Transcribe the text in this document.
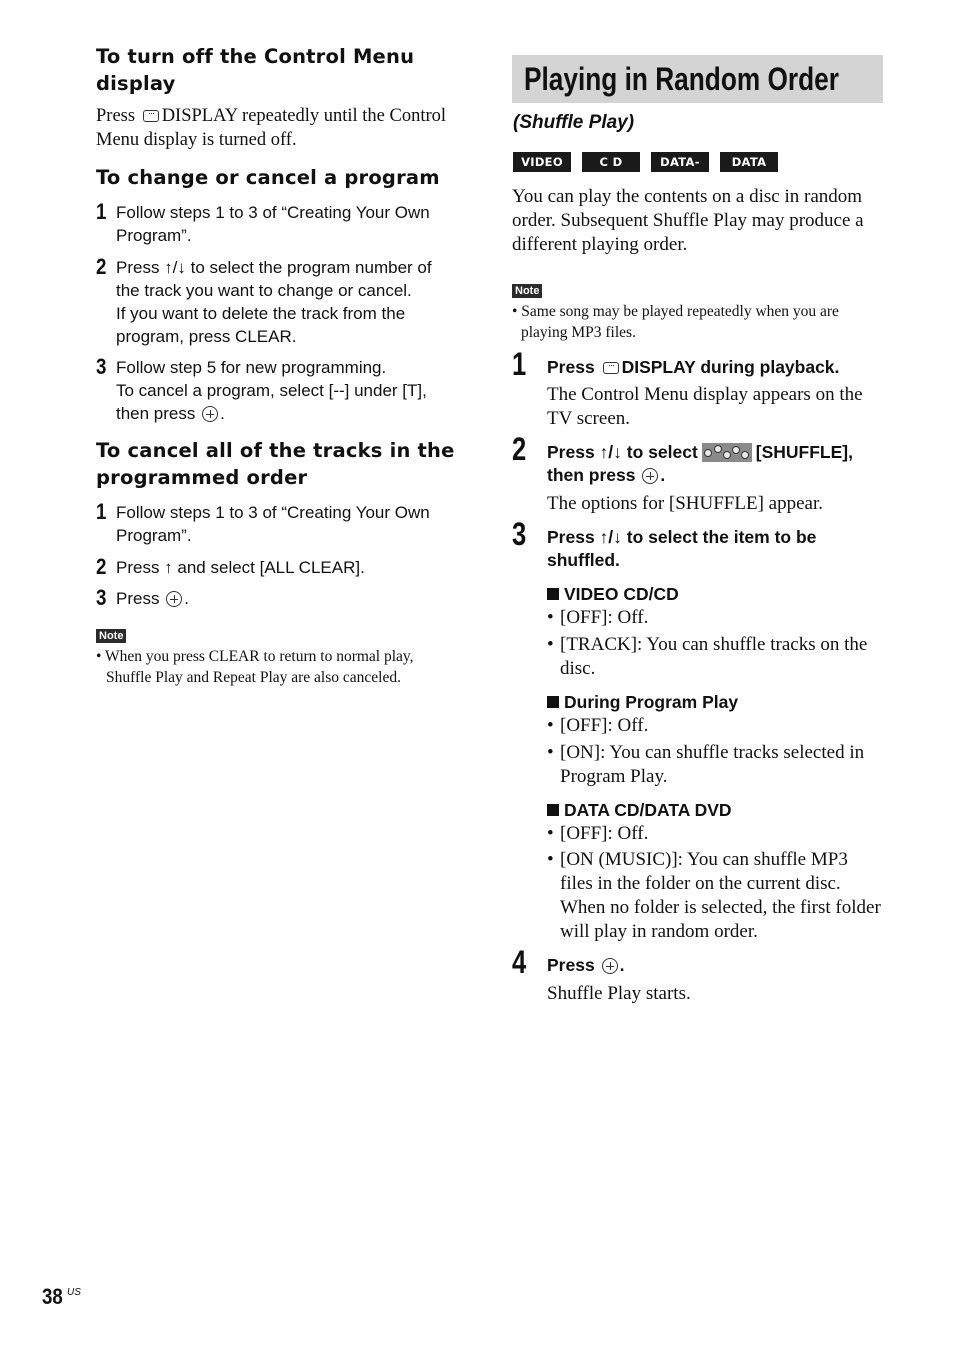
To turn off the Control Menu
display
Press DISPLAY repeatedly until the Control
Menu display is turned off.
To change or cancel a program
1 Follow steps 1 to 3 of “Creating Your Own
Program”.
2 Press ↑/↓ to select the program number of
the track you want to change or cancel.
If you want to delete the track from the
program, press CLEAR.
3 Follow step 5 for new programming.
To cancel a program, select [--] under [T],
then press .
To cancel all of the tracks in the
programmed order
1 Follow steps 1 to 3 of “Creating Your Own
Program”.
2 Press ↑ and select [ALL CLEAR].
3 Press .
Note
• When you press CLEAR to return to normal play,
Shuffle Play and Repeat Play are also canceled.
Playing in Random Order
(Shuffle Play)
VIDEO CD
C D	DATA-CD
DATA DVD
You can play the contents on a disc in random
order. Subsequent Shuffle Play may produce a
different playing order.
Note
• Same song may be played repeatedly when you are
playing MP3 files.
1 Press DISPLAY during playback.
The Control Menu display appears on the
TV screen.
2 Press ↑/↓ to select	[SHUFFLE],
then press .
The options for [SHUFFLE] appear.
3 Press ↑/↓ to select the item to be
shuffled.
VIDEO CD/CD
• [OFF]: Off.
• [TRACK]: You can shuffle tracks on the
disc.
During Program Play
• [OFF]: Off.
• [ON]: You can shuffle tracks selected in
Program Play.
DATA CD/DATA DVD
• [OFF]: Off.
• [ON (MUSIC)]: You can shuffle MP3
files in the folder on the current disc.
When no folder is selected, the first folder
will play in random order.
4 Press .
Shuffle Play starts.
38 US
